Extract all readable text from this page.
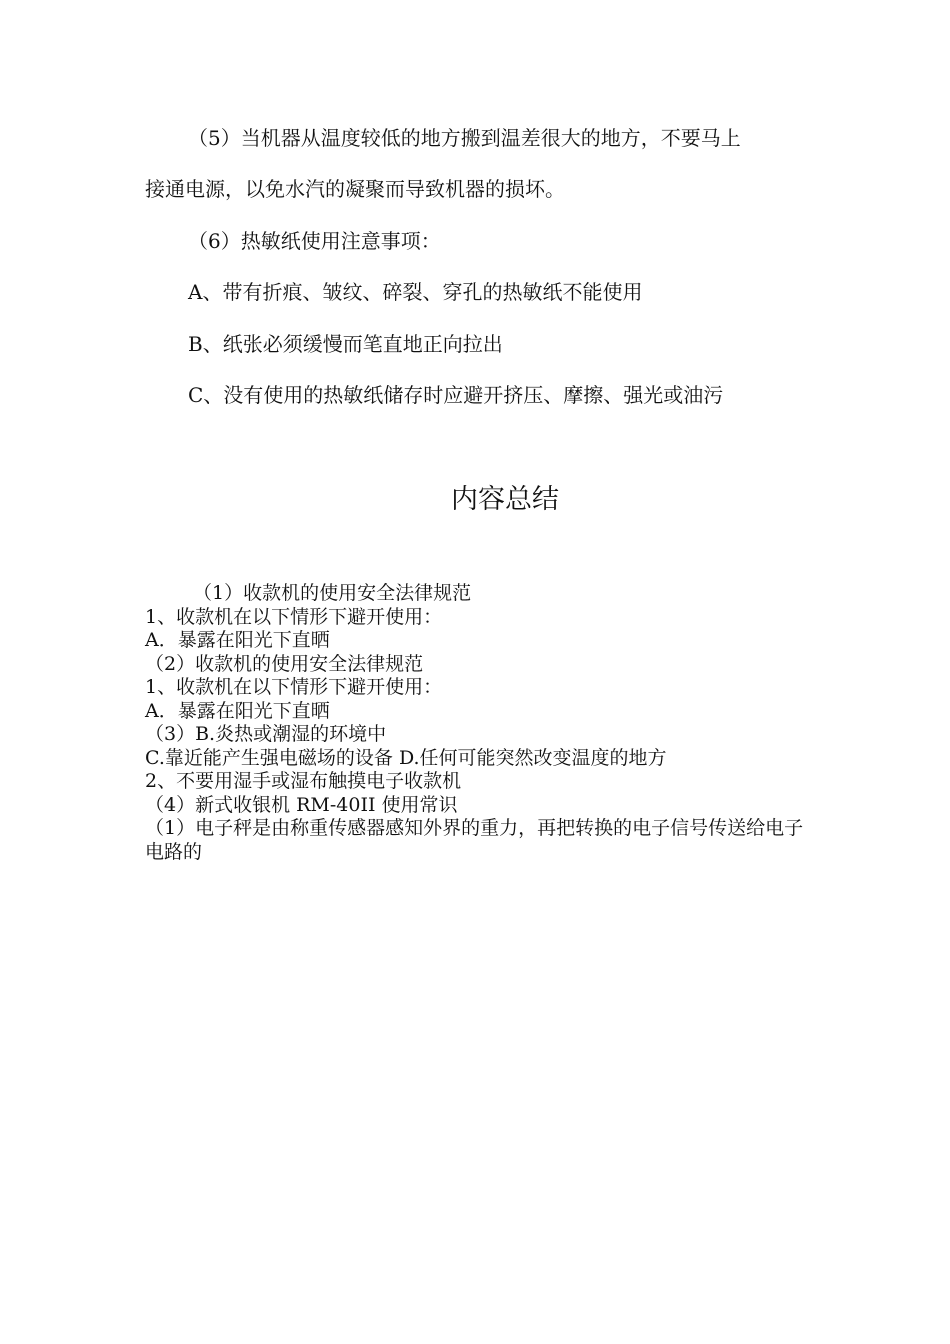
（5）当机器从温度较低的地方搬到温差很大的地方，不要马上

接通电源，以免水汽的凝聚而导致机器的损坏。

（6）热敏纸使用注意事项：

A、带有折痕、皱纹、碎裂、穿孔的热敏纸不能使用

B、纸张必须缓慢而笔直地正向拉出

C、没有使用的热敏纸储存时应避开挤压、摩擦、强光或油污

内容总结

（1）收款机的使用安全法律规范

1、收款机在以下情形下避开使用：

A．暴露在阳光下直晒

（2）收款机的使用安全法律规范

1、收款机在以下情形下避开使用：

A．暴露在阳光下直晒

（3）B.炎热或潮湿的环境中

C.靠近能产生强电磁场的设备 D.任何可能突然改变温度的地方

2、不要用湿手或湿布触摸电子收款机

（4）新式收银机 RM-40II 使用常识

（1）电子秤是由称重传感器感知外界的重力，再把转换的电子信号传送给电子电路的
